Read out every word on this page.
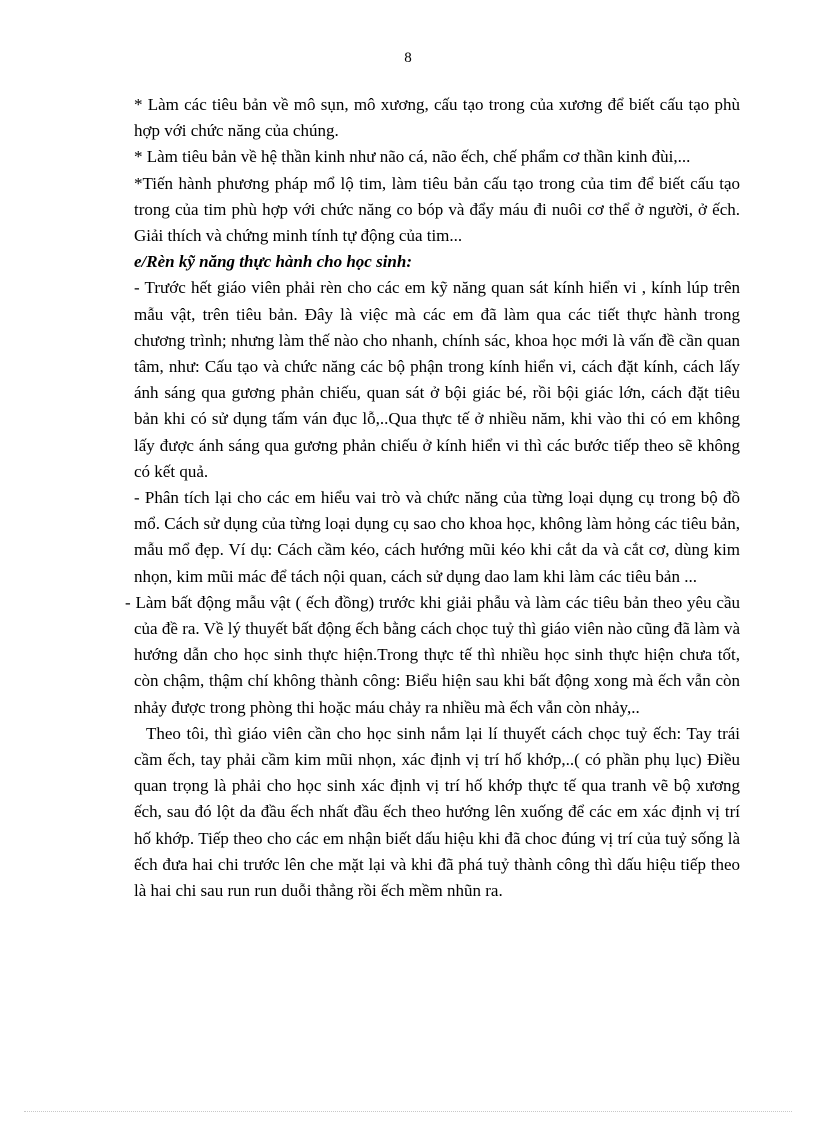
8

* Làm các tiêu bản về mô sụn, mô xương, cấu tạo trong của xương để biết cấu tạo phù hợp với chức năng của chúng.

* Làm tiêu bản về hệ thần kinh như não cá, não ếch, chế phẩm cơ thần kinh đùi,...

*Tiến hành phương pháp mổ lộ tim, làm tiêu bản cấu tạo trong của tim để biết cấu tạo trong của tim phù hợp với chức năng co bóp và đẩy máu đi nuôi cơ thể ở người, ở ếch. Giải thích và chứng minh tính tự động của tim...

e/Rèn kỹ năng thực hành cho học sinh:

- Trước hết giáo viên phải rèn cho các em kỹ năng quan sát kính hiển vi , kính lúp trên mẫu vật, trên tiêu bản. Đây là việc mà các em đã làm qua các tiết thực hành trong chương trình; nhưng làm thế nào cho nhanh, chính sác, khoa học mới là vấn đề cần quan tâm, như: Cấu tạo và chức năng các bộ phận trong kính hiển vi, cách đặt kính, cách lấy ánh sáng qua gương phản chiếu, quan sát ở bội giác bé, rồi bội giác lớn, cách đặt tiêu bản khi có sử dụng tấm ván đục lỗ,..Qua thực tế ở nhiều năm, khi vào thi có em không lấy được ánh sáng qua gương phản chiếu ở kính hiển vi thì các bước tiếp theo sẽ không có kết quả.

- Phân tích lại cho các em hiểu vai trò và chức năng của từng loại dụng cụ trong bộ đồ mổ. Cách sử dụng của từng loại dụng cụ sao cho khoa học, không làm hỏng các tiêu bản, mẫu mổ đẹp. Ví dụ: Cách cầm kéo, cách hướng mũi kéo khi cắt da và cắt cơ, dùng kim nhọn, kim mũi mác để tách nội quan, cách sử dụng dao lam khi làm các tiêu bản ...

- Làm bất động mẫu vật ( ếch đồng) trước khi giải phẫu và làm các tiêu bản theo yêu cầu của đề ra. Về lý thuyết bất động ếch bằng cách chọc tuỷ thì giáo viên nào cũng đã làm và hướng dẫn cho học sinh thực hiện.Trong thực tế thì nhiều học sinh thực hiện chưa tốt, còn chậm, thậm chí không thành công: Biểu hiện sau khi bất động xong mà ếch vẫn còn nhảy được trong phòng thi hoặc máu chảy ra nhiều mà ếch vẫn còn nhảy,..

Theo tôi, thì giáo viên cần cho học sinh nắm lại lí thuyết cách chọc tuỷ ếch: Tay trái cầm ếch, tay phải cầm kim mũi nhọn, xác định vị trí hố khớp,..( có phần phụ lục) Điều quan trọng là phải cho học sinh xác định vị trí hố khớp thực tế qua tranh vẽ bộ xương ếch, sau đó lột da đầu ếch nhất đầu ếch theo hướng lên xuống để các em xác định vị trí hố khớp. Tiếp theo cho các em nhận biết dấu hiệu khi đã choc đúng vị trí của tuỷ sống là ếch đưa hai chi trước lên che mặt lại và khi đã phá tuỷ thành công thì dấu hiệu tiếp theo là hai chi sau run run duỗi thẳng rồi ếch mềm nhũn ra.
